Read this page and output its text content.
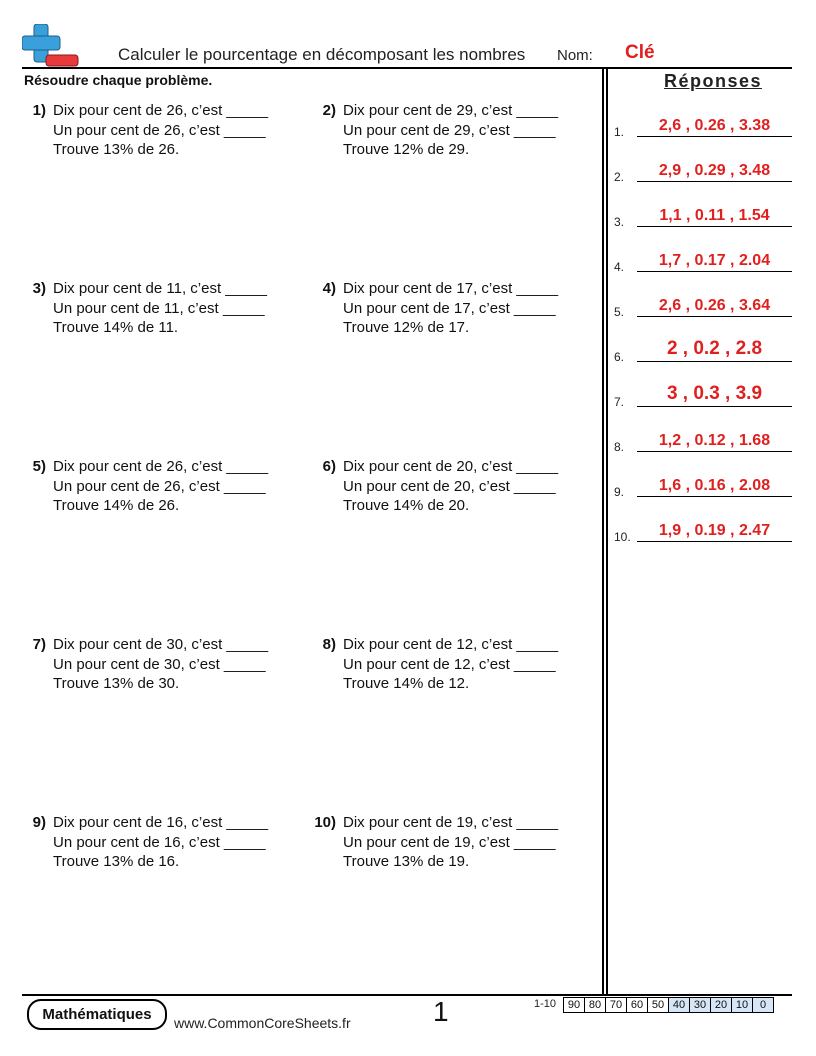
Calculer le pourcentage en décomposant les nombres Nom: Clé
Résoudre chaque problème.
1) Dix pour cent de 26, c’est _____
Un pour cent de 26, c’est _____
Trouve 13% de 26.
2) Dix pour cent de 29, c’est _____
Un pour cent de 29, c’est _____
Trouve 12% de 29.
3) Dix pour cent de 11, c’est _____
Un pour cent de 11, c’est _____
Trouve 14% de 11.
4) Dix pour cent de 17, c’est _____
Un pour cent de 17, c’est _____
Trouve 12% de 17.
5) Dix pour cent de 26, c’est _____
Un pour cent de 26, c’est _____
Trouve 14% de 26.
6) Dix pour cent de 20, c’est _____
Un pour cent de 20, c’est _____
Trouve 14% de 20.
7) Dix pour cent de 30, c’est _____
Un pour cent de 30, c’est _____
Trouve 13% de 30.
8) Dix pour cent de 12, c’est _____
Un pour cent de 12, c’est _____
Trouve 14% de 12.
9) Dix pour cent de 16, c’est _____
Un pour cent de 16, c’est _____
Trouve 13% de 16.
10) Dix pour cent de 19, c’est _____
Un pour cent de 19, c’est _____
Trouve 13% de 19.
Réponses
1.	2,6 , 0.26 , 3.38
2.	2,9 , 0.29 , 3.48
3.	1,1 , 0.11 , 1.54
4.	1,7 , 0.17 , 2.04
5.	2,6 , 0.26 , 3.64
6.	2 , 0.2 , 2.8
7.	3 , 0.3 , 3.9
8.	1,2 , 0.12 , 1.68
9.	1,6 , 0.16 , 2.08
10.	1,9 , 0.19 , 2.47
Mathématiques	www.CommonCoreSheets.fr	1	1-10 90	80	70	60	50	40	30	20	10	0
